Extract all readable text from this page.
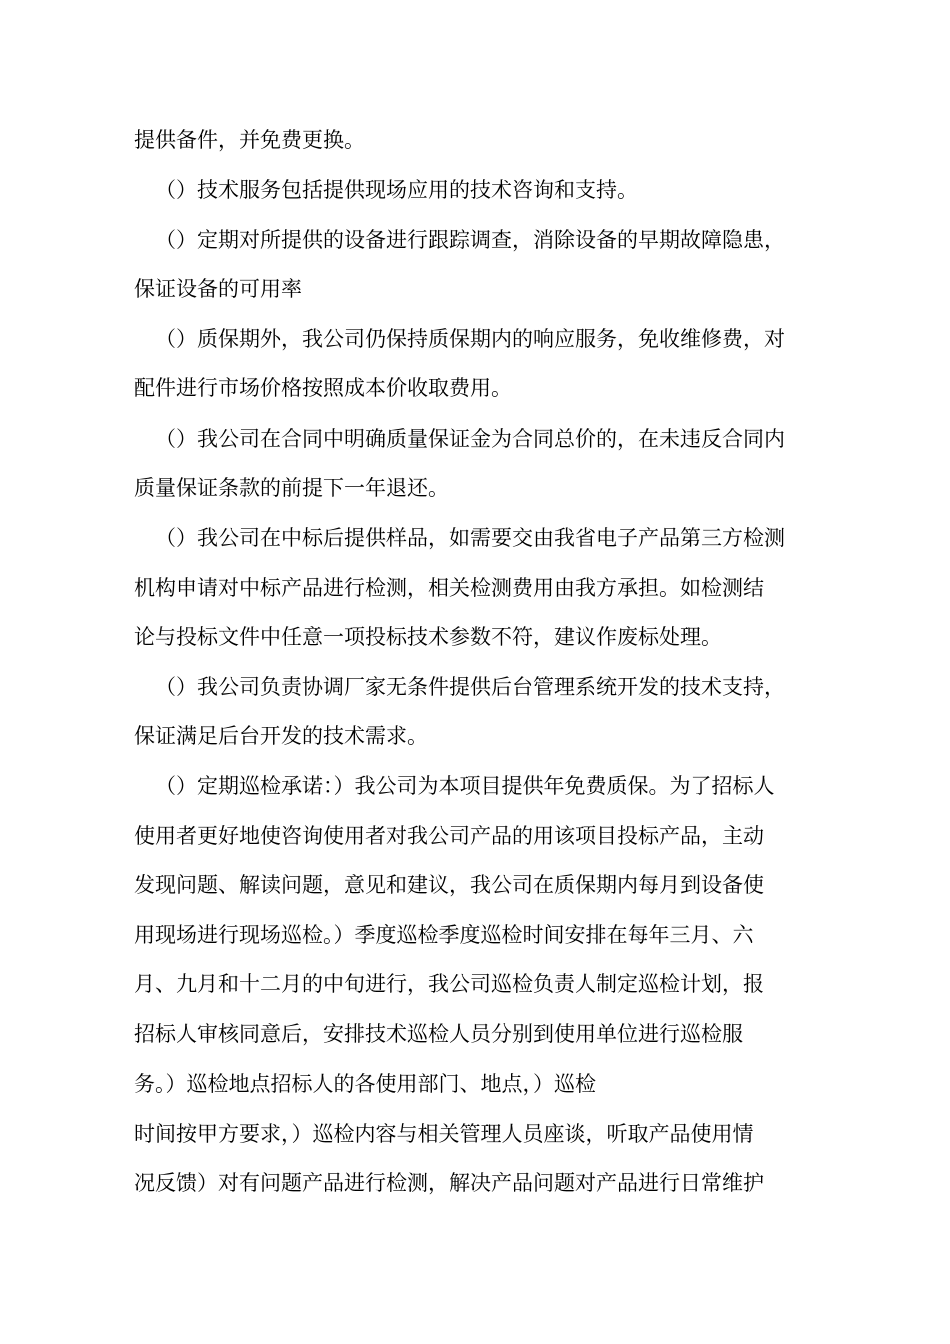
提供备件，并免费更换。
（）技术服务包括提供现场应用的技术咨询和支持。
（）定期对所提供的设备进行跟踪调查，消除设备的早期故障隐患，
保证设备的可用率
（）质保期外，我公司仍保持质保期内的响应服务，免收维修费，对
配件进行市场价格按照成本价收取费用。
（）我公司在合同中明确质量保证金为合同总价的，在未违反合同内
质量保证条款的前提下一年退还。
（）我公司在中标后提供样品，如需要交由我省电子产品第三方检测
机构申请对中标产品进行检测，相关检测费用由我方承担。如检测结
论与投标文件中任意一项投标技术参数不符，建议作废标处理。
（）我公司负责协调厂家无条件提供后台管理系统开发的技术支持，
保证满足后台开发的技术需求。
（）定期巡检承诺：）我公司为本项目提供年免费质保。为了招标人
使用者更好地使咨询使用者对我公司产品的用该项目投标产品，主动
发现问题、解读问题，意见和建议，我公司在质保期内每月到设备使
用现场进行现场巡检。）季度巡检季度巡检时间安排在每年三月、六
月、九月和十二月的中旬进行，我公司巡检负责人制定巡检计划，报
招标人审核同意后，安排技术巡检人员分别到使用单位进行巡检服
务。）巡检地点招标人的各使用部门、地点，）巡检
时间按甲方要求，）巡检内容与相关管理人员座谈，听取产品使用情
况反馈）对有问题产品进行检测，解决产品问题对产品进行日常维护
